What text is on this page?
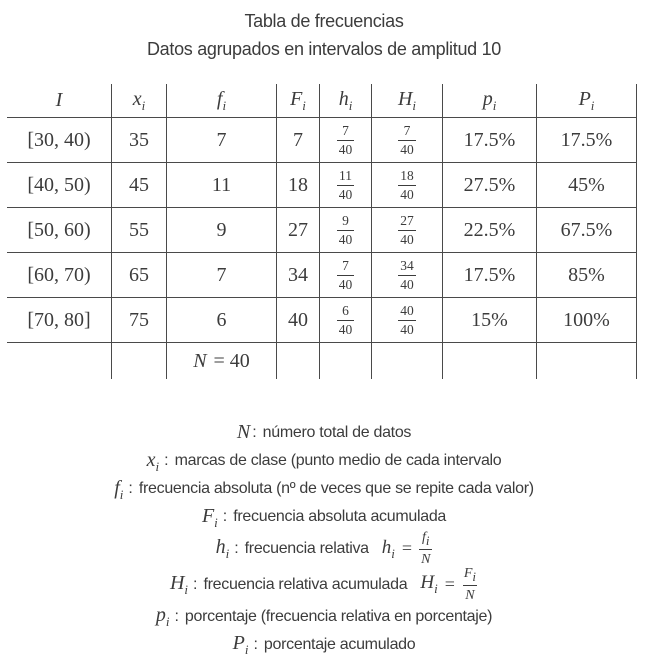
Tabla de frecuencias
Datos agrupados en intervalos de amplitud 10
I	$x_i$	$f_i$	$F_i$	$h_i$	$H_i$	$p_i$	$P_i$
[30, 40)	35	7	7	$\frac{7}{40}$	$\frac{7}{40}$	17.5%	17.5%
[40, 50)	45	11	18	$\frac{11}{40}$	$\frac{18}{40}$	27.5%	45%
[50, 60)	55	9	27	$\frac{9}{40}$	$\frac{27}{40}$	22.5%	67.5%
[60, 70)	65	7	34	$\frac{7}{40}$	$\frac{34}{40}$	17.5%	85%
[70, 80]	75	6	40	$\frac{6}{40}$	$\frac{40}{40}$	15%	100%
		N = 40					
N : número total de datos
$x_i$ : marcas de clase (punto medio de cada intervalo
$f_i$ : frecuencia absoluta (nº de veces que se repite cada valor)
$F_i$ : frecuencia absoluta acumulada
$h_i$ : frecuencia relativa $h_i = \frac{f_i}{N}$
$H_i$ : frecuencia relativa acumulada $H_i = \frac{F_i}{N}$
$p_i$ : porcentaje (frecuencia relativa en porcentaje)
$P_i$ : porcentaje acumulado
